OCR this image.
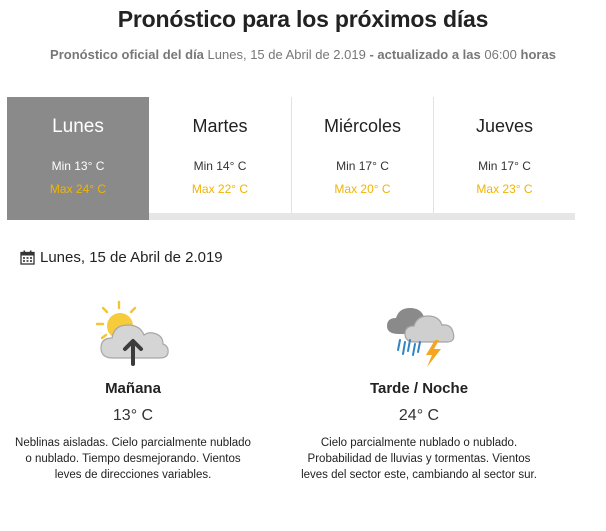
Pronóstico para los próximos días
Pronóstico oficial del día Lunes, 15 de Abril de 2.019 - actualizado a las 06:00 horas
Lunes
Min 13° C
Max 24° C
Martes
Min 14° C
Max 22° C
Miércoles
Min 17° C
Max 20° C
Jueves
Min 17° C
Max 23° C
Lunes, 15 de Abril de 2.019
Mañana
13° C
Neblinas aisladas. Cielo parcialmente nublado o nublado. Tiempo desmejorando. Vientos leves de direcciones variables.
Tarde / Noche
24° C
Cielo parcialmente nublado o nublado. Probabilidad de lluvias y tormentas. Vientos leves del sector este, cambiando al sector sur.
